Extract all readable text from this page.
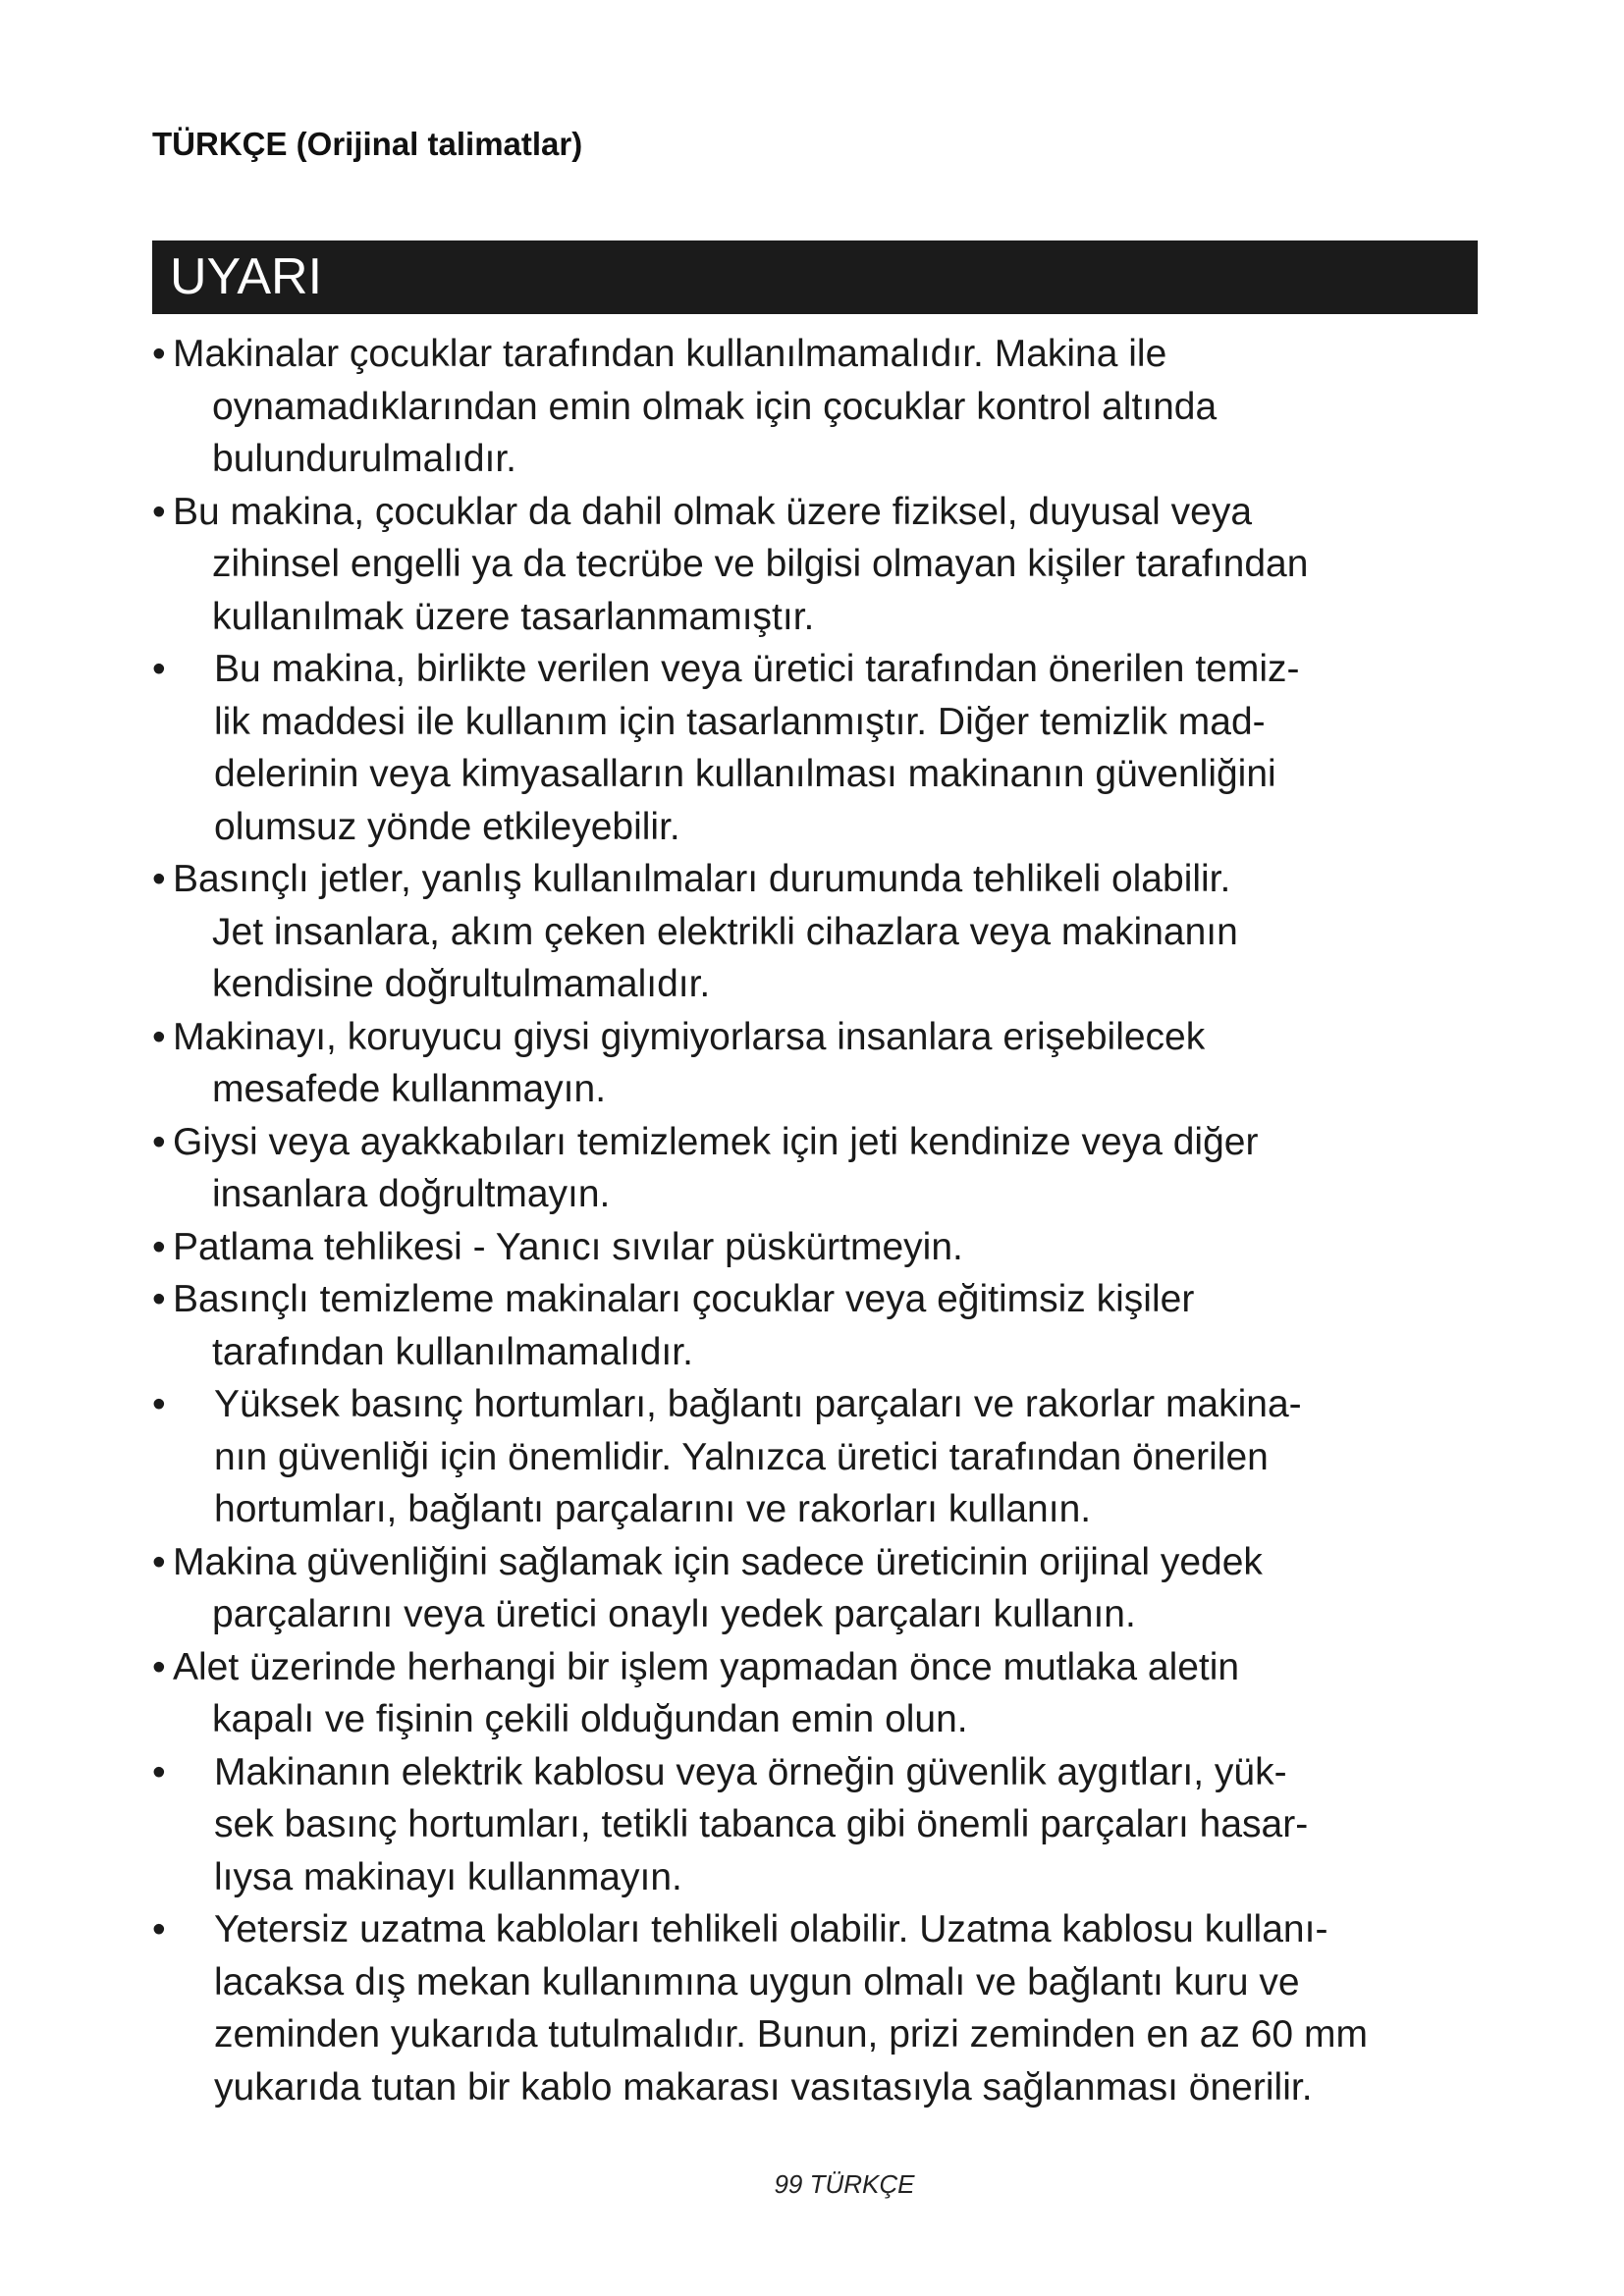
TÜRKÇE (Orijinal talimatlar)
UYARI
• Makinalar çocuklar tarafından kullanılmamalıdır. Makina ile
oynamadıklarından emin olmak için çocuklar kontrol altında
bulundurulmalıdır.
• Bu makina, çocuklar da dahil olmak üzere fiziksel, duyusal veya
zihinsel engelli ya da tecrübe ve bilgisi olmayan kişiler tarafından
kullanılmak üzere tasarlanmamıştır.
• Bu makina, birlikte verilen veya üretici tarafından önerilen temiz-
lik maddesi ile kullanım için tasarlanmıştır. Diğer temizlik mad-
delerinin veya kimyasalların kullanılması makinanın güvenliğini
olumsuz yönde etkileyebilir.
• Basınçlı jetler, yanlış kullanılmaları durumunda tehlikeli olabilir.
Jet insanlara, akım çeken elektrikli cihazlara veya makinanın
kendisine doğrultulmamalıdır.
• Makinayı, koruyucu giysi giymiyorlarsa insanlara erişebilecek
mesafede kullanmayın.
• Giysi veya ayakkabıları temizlemek için jeti kendinize veya diğer
insanlara doğrultmayın.
• Patlama tehlikesi - Yanıcı sıvılar püskürtmeyin.
• Basınçlı temizleme makinaları çocuklar veya eğitimsiz kişiler
tarafından kullanılmamalıdır.
• Yüksek basınç hortumları, bağlantı parçaları ve rakorlar makina-
nın güvenliği için önemlidir. Yalnızca üretici tarafından önerilen
hortumları, bağlantı parçalarını ve rakorları kullanın.
• Makina güvenliğini sağlamak için sadece üreticinin orijinal yedek
parçalarını veya üretici onaylı yedek parçaları kullanın.
• Alet üzerinde herhangi bir işlem yapmadan önce mutlaka aletin
kapalı ve fişinin çekili olduğundan emin olun.
• Makinanın elektrik kablosu veya örneğin güvenlik aygıtları, yük-
sek basınç hortumları, tetikli tabanca gibi önemli parçaları hasar-
lıysa makinayı kullanmayın.
• Yetersiz uzatma kabloları tehlikeli olabilir. Uzatma kablosu kullanı-
lacaksa dış mekan kullanımına uygun olmalı ve bağlantı kuru ve
zeminden yukarıda tutulmalıdır. Bunun, prizi zeminden en az 60 mm
yukarıda tutan bir kablo makarası vasıtasıyla sağlanması önerilir.
99 TÜRKÇE
